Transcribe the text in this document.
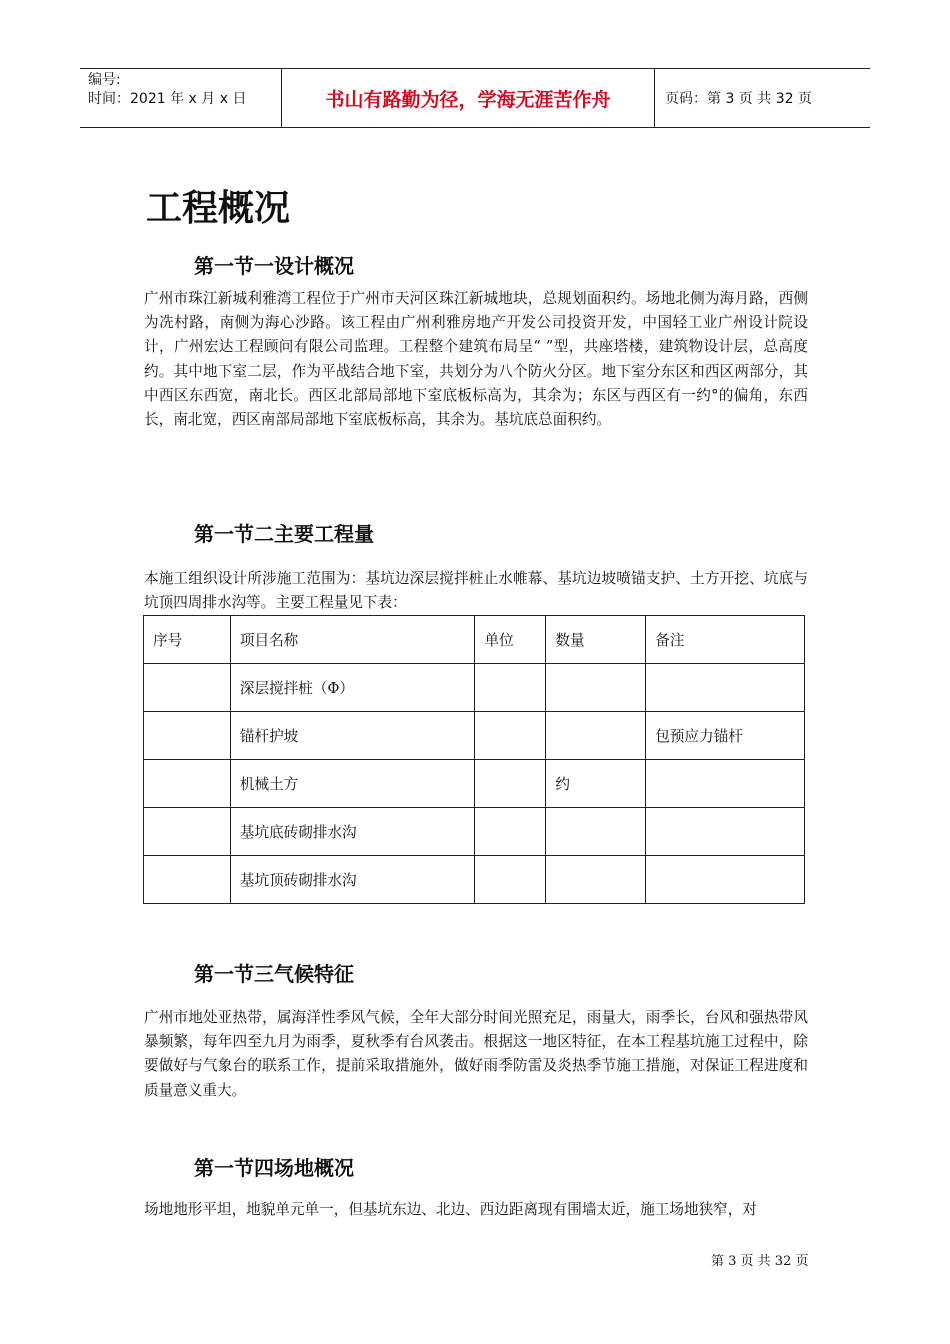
编号:
时间：2021 年 x 月 x 日	书山有路勤为径，学海无涯苦作舟	页码：第 3 页 共 32 页
工程概况
第一节一设计概况

广州市珠江新城利雅湾工程位于广州市天河区珠江新城地块，总规划面积约。场地北侧为海月路，西侧为冼村路，南侧为海心沙路。该工程由广州利雅房地产开发公司投资开发，中国轻工业广州设计院设计，广州宏达工程顾问有限公司监理。工程整个建筑布局呈“ ”型，共座塔楼，建筑物设计层，总高度约。其中地下室二层，作为平战结合地下室，共划分为八个防火分区。地下室分东区和西区两部分，其中西区东西宽，南北长。西区北部局部地下室底板标高为，其余为；东区与西区有一约°的偏角，东西长，南北宽，西区南部局部地下室底板标高，其余为。基坑底总面积约。

第一节二主要工程量

本施工组织设计所涉施工范围为：基坑边深层搅拌桩止水帷幕、基坑边坡喷锚支护、土方开挖、坑底与坑顶四周排水沟等。主要工程量见下表：

序号	项目名称	单位	数量	备注
	深层搅拌桩（Φ）			
	锚杆护坡			包预应力锚杆
	机械土方		约	
	基坑底砖砌排水沟			
	基坑顶砖砌排水沟			
第一节三气候特征

广州市地处亚热带，属海洋性季风气候，全年大部分时间光照充足，雨量大，雨季长，台风和强热带风暴频繁，每年四至九月为雨季，夏秋季有台风袭击。根据这一地区特征，在本工程基坑施工过程中，除要做好与气象台的联系工作，提前采取措施外，做好雨季防雷及炎热季节施工措施，对保证工程进度和质量意义重大。

第一节四场地概况

场地地形平坦，地貌单元单一，但基坑东边、北边、西边距离现有围墙太近，施工场地狭窄，对

第 3 页 共 32 页
